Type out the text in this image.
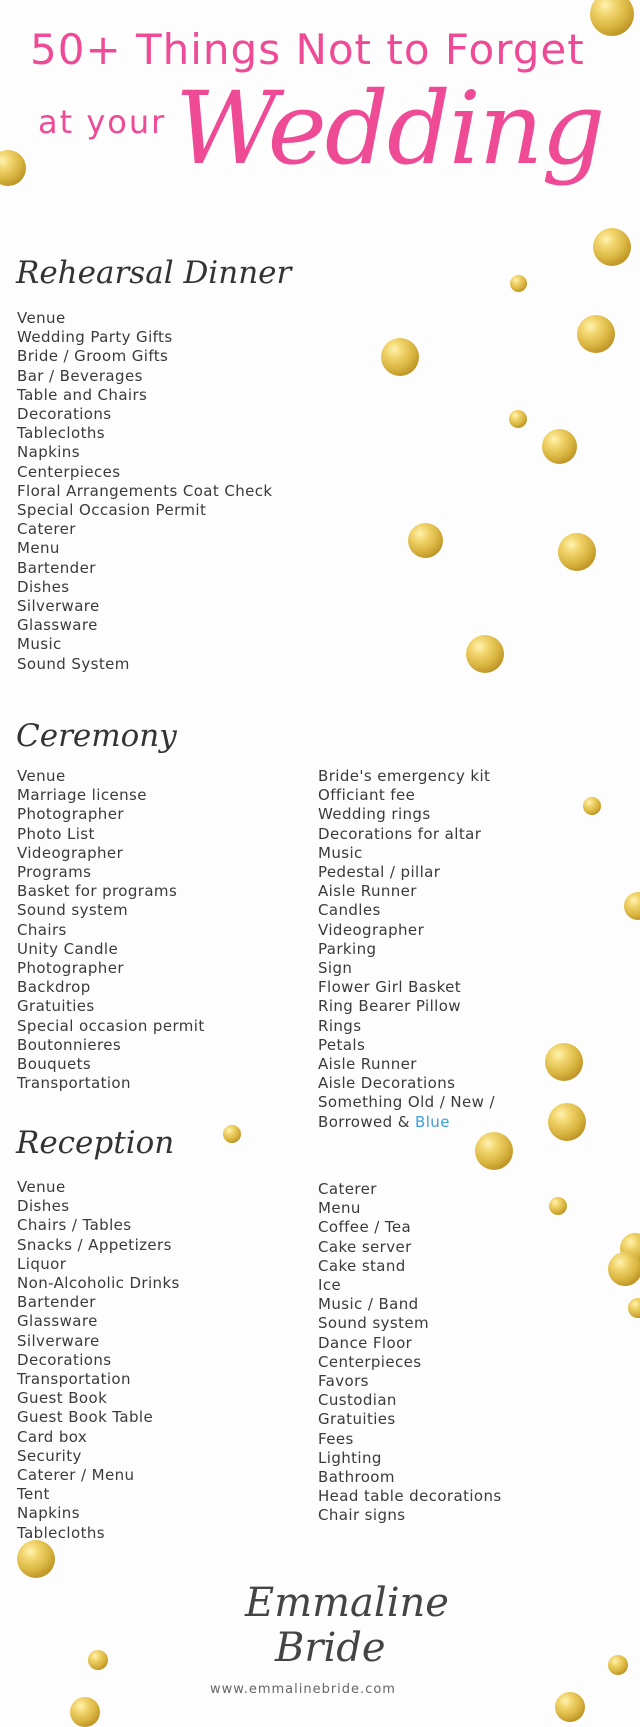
50+ Things Not to Forget
at your Wedding
Rehearsal Dinner
Venue
Wedding Party Gifts
Bride / Groom Gifts
Bar / Beverages
Table and Chairs
Decorations
Tablecloths
Napkins
Centerpieces
Floral Arrangements Coat Check
Special Occasion Permit
Caterer
Menu
Bartender
Dishes
Silverware
Glassware
Music
Sound System
Ceremony
Venue
Marriage license
Photographer
Photo List
Videographer
Programs
Basket for programs
Sound system
Chairs
Unity Candle
Photographer
Backdrop
Gratuities
Special occasion permit
Boutonnieres
Bouquets
Transportation
Bride's emergency kit
Officiant fee
Wedding rings
Decorations for altar
Music
Pedestal / pillar
Aisle Runner
Candles
Videographer
Parking
Sign
Flower Girl Basket
Ring Bearer Pillow
Rings
Petals
Aisle Runner
Aisle Decorations
Something Old / New /
Borrowed & Blue
Reception
Venue
Dishes
Chairs / Tables
Snacks / Appetizers
Liquor
Non-Alcoholic Drinks
Bartender
Glassware
Silverware
Decorations
Transportation
Guest Book
Guest Book Table
Card box
Security
Caterer / Menu
Tent
Napkins
Tablecloths
Caterer
Menu
Coffee / Tea
Cake server
Cake stand
Ice
Music / Band
Sound system
Dance Floor
Centerpieces
Favors
Custodian
Gratuities
Fees
Lighting
Bathroom
Head table decorations
Chair signs
Emmaline
Bride
www.emmalinebride.com
